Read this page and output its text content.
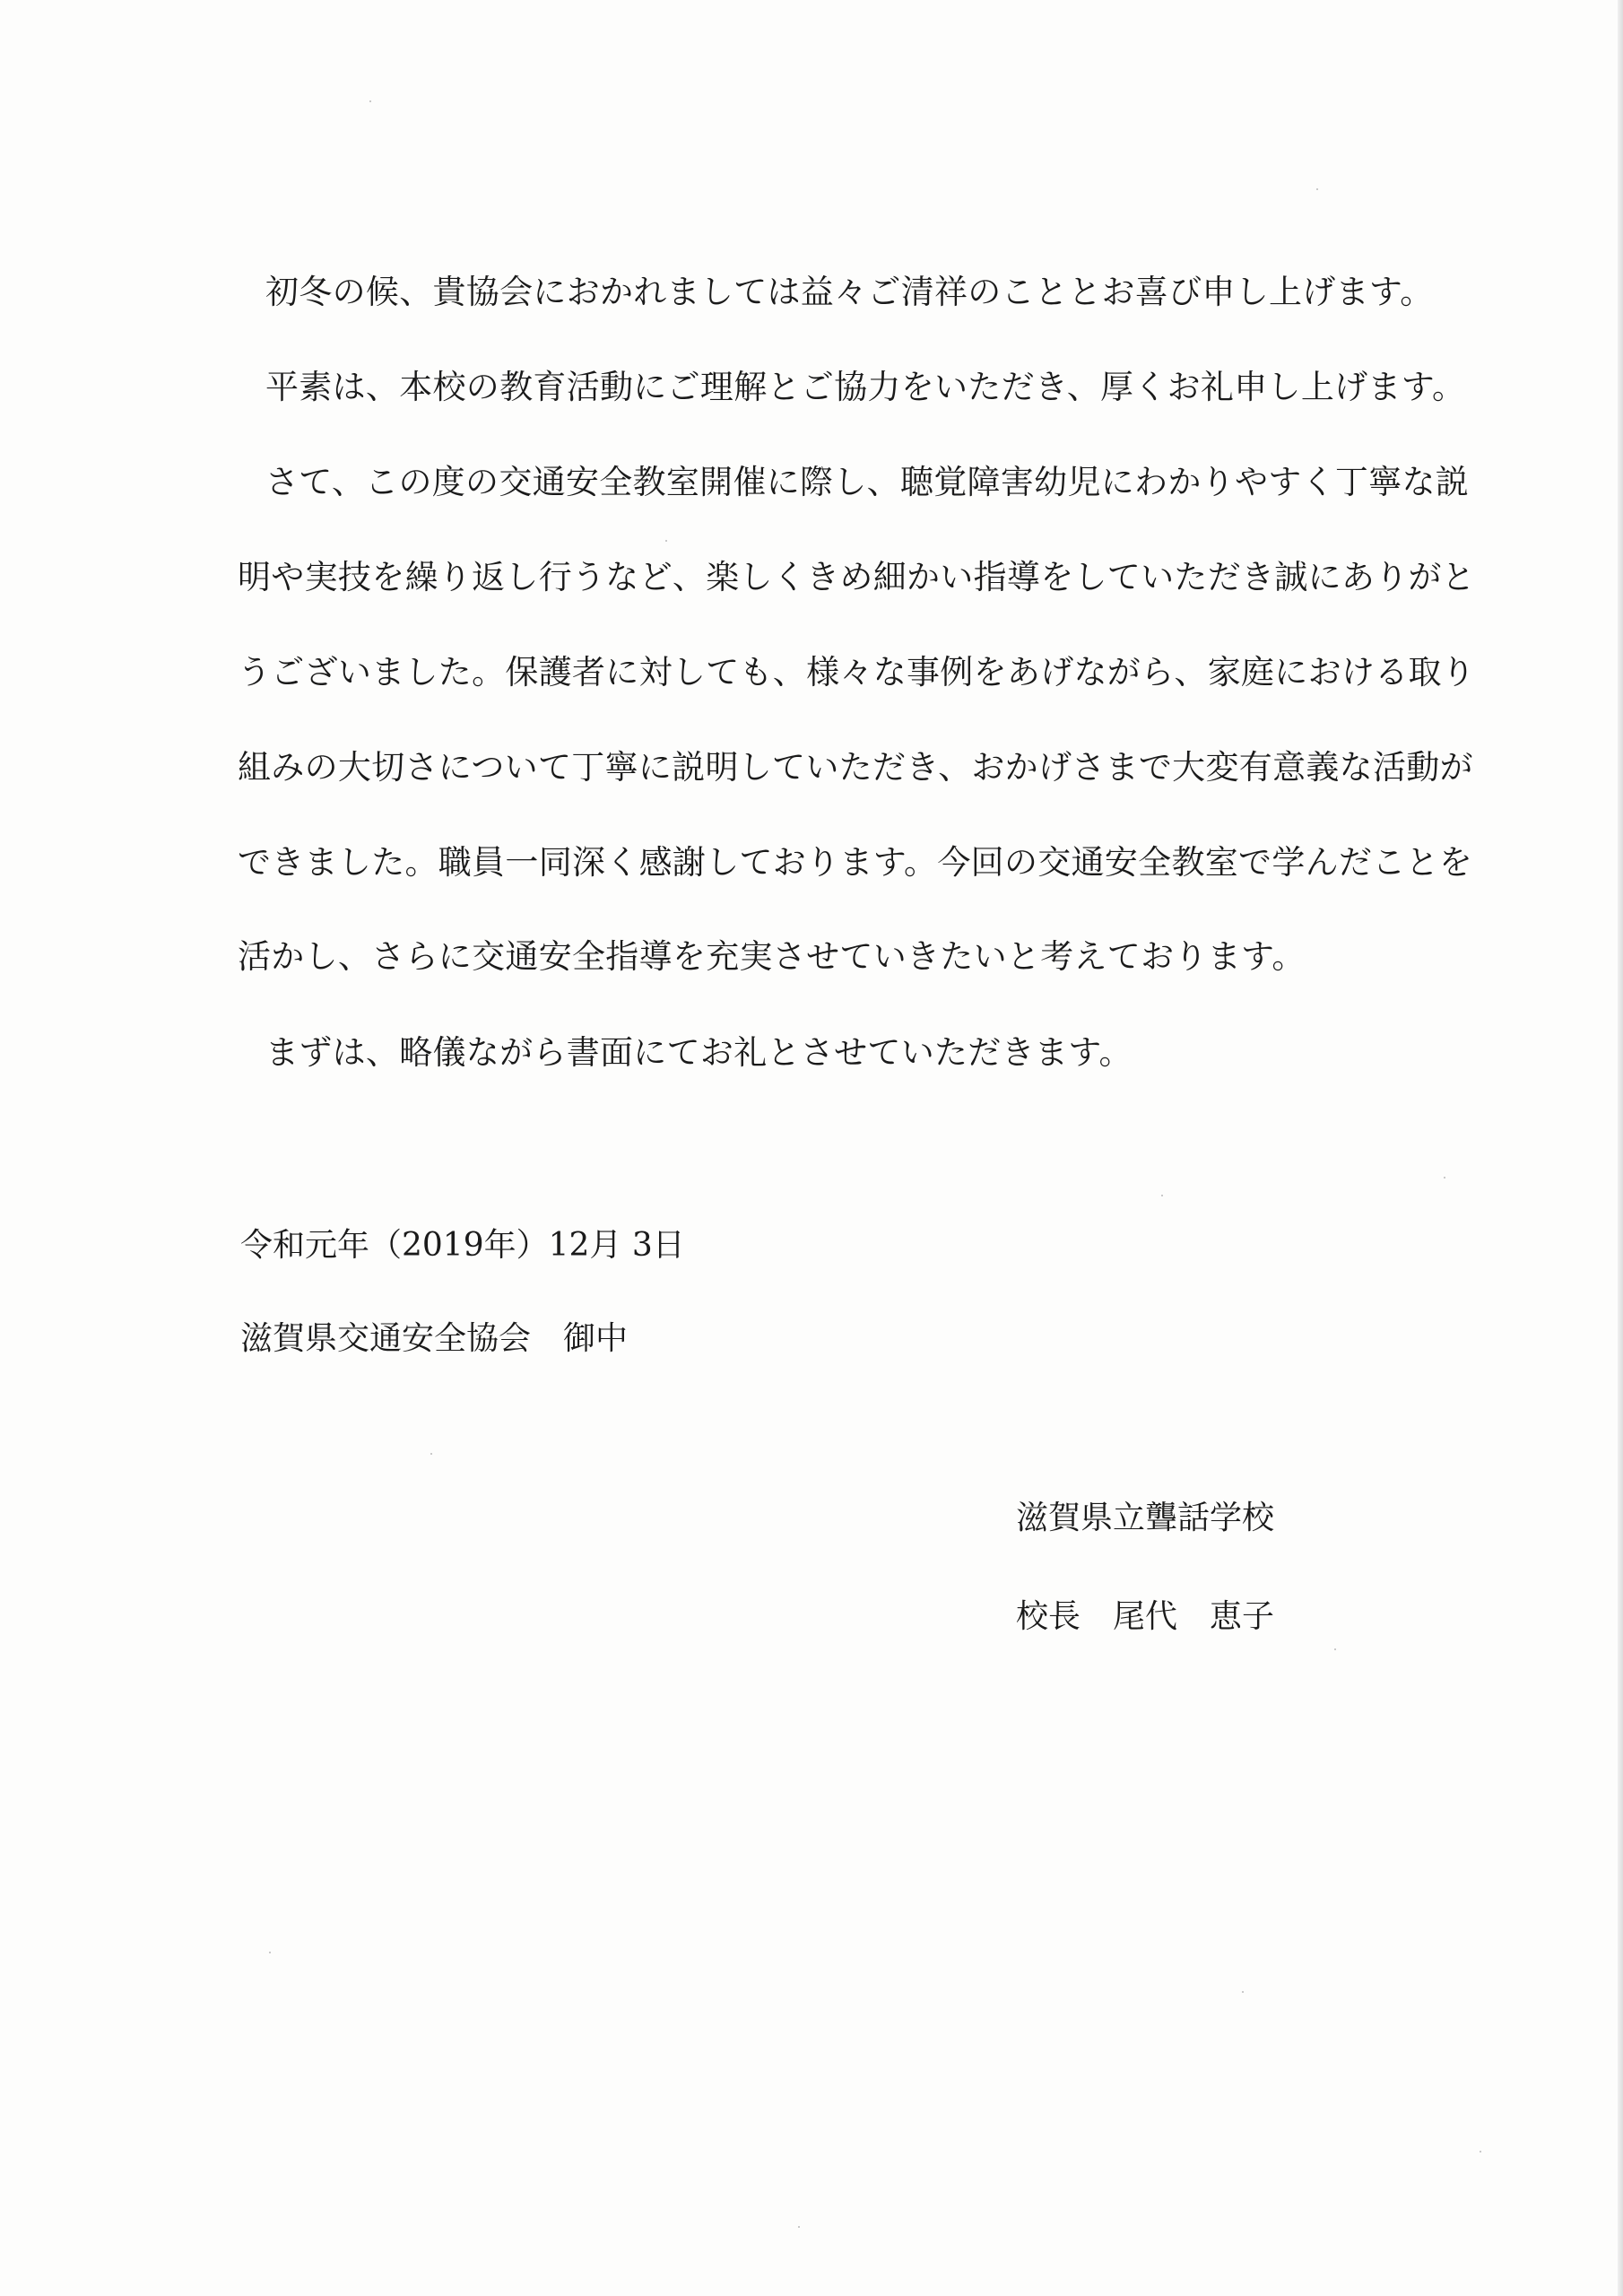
初冬の候、貴協会におかれましては益々ご清祥のこととお喜び申し上げます。
平素は、本校の教育活動にご理解とご協力をいただき、厚くお礼申し上げます。
さて、この度の交通安全教室開催に際し、聴覚障害幼児にわかりやすく丁寧な説
明や実技を繰り返し行うなど、楽しくきめ細かい指導をしていただき誠にありがと
うございました。保護者に対しても、様々な事例をあげながら、家庭における取り
組みの大切さについて丁寧に説明していただき、おかげさまで大変有意義な活動が
できました。職員一同深く感謝しております。今回の交通安全教室で学んだことを
活かし、さらに交通安全指導を充実させていきたいと考えております。
まずは、略儀ながら書面にてお礼とさせていただきます。
令和元年（2019年）12月 3日
滋賀県交通安全協会　御中
滋賀県立聾話学校
校長　尾代　恵子
